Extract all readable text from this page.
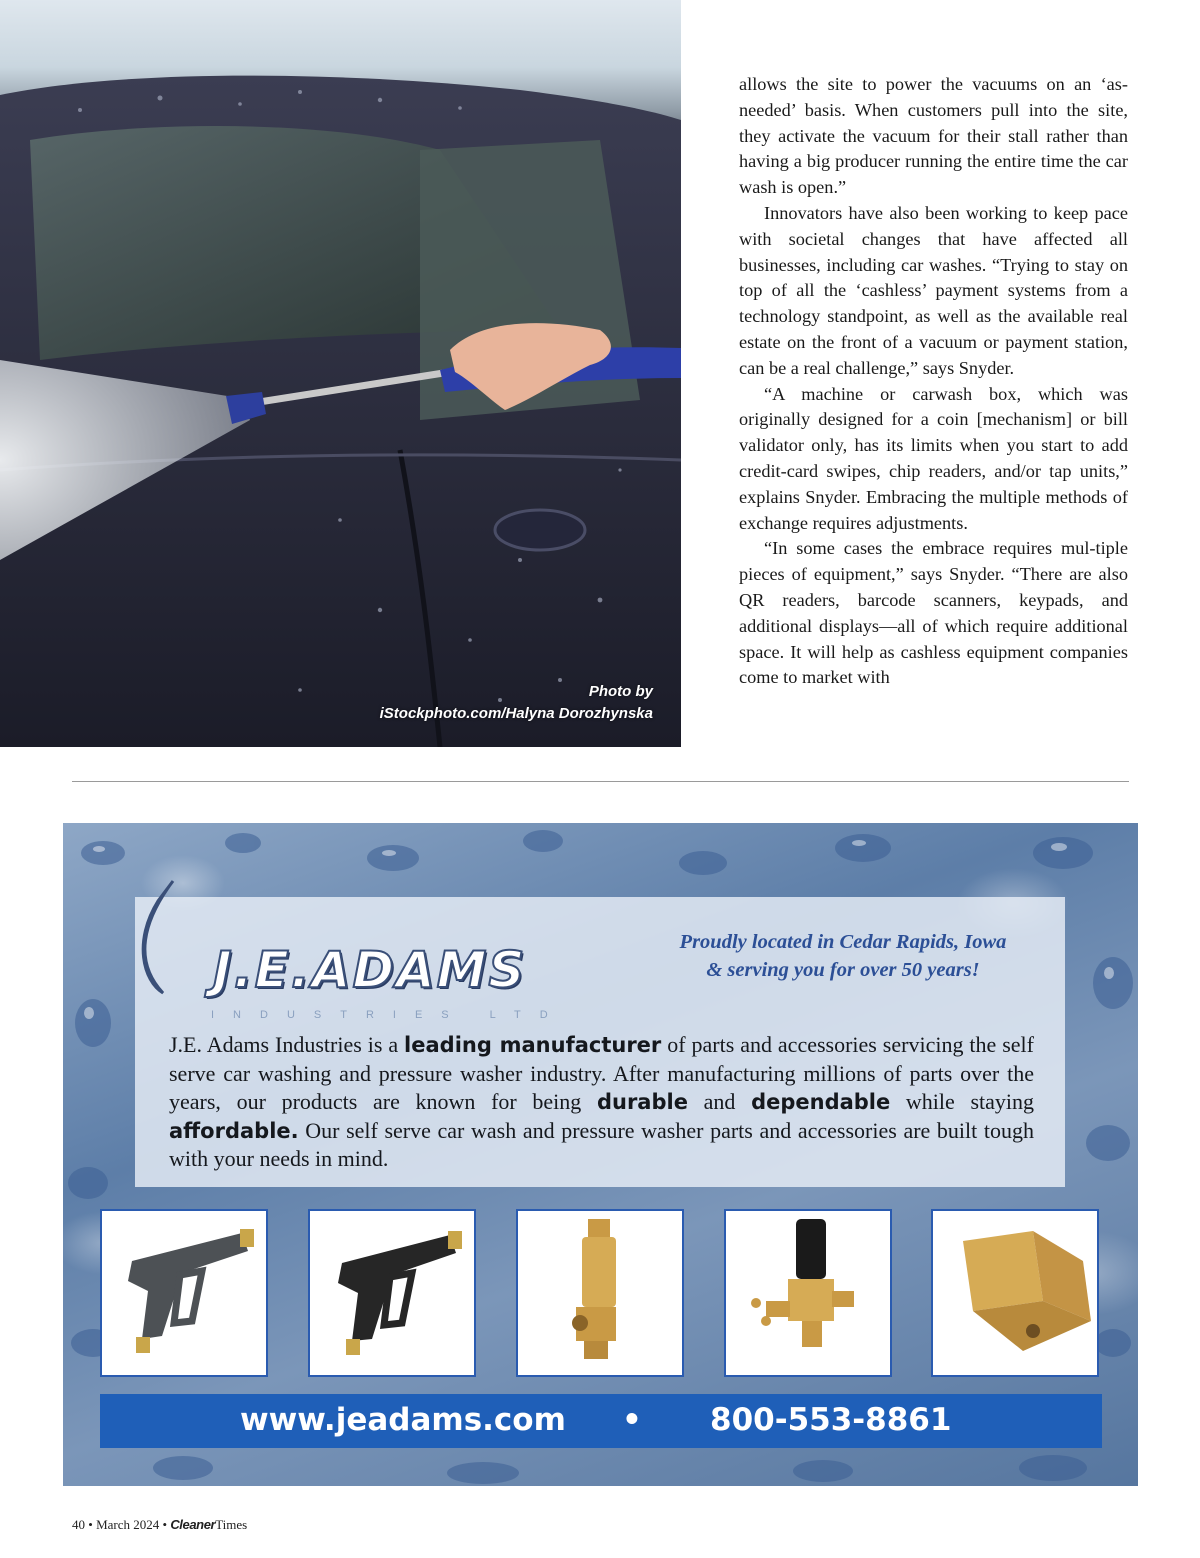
Photo by
iStockphoto.com/Halyna Dorozhynska

allows the site to power the vacuums on an ‘as-needed’ basis. When customers pull into the site, they activate the vacuum for their stall rather than having a big producer running the entire time the car wash is open.”

Innovators have also been working to keep pace with societal changes that have affected all businesses, including car washes. “Trying to stay on top of all the ‘cashless’ payment systems from a technology standpoint, as well as the available real estate on the front of a vacuum or payment station, can be a real challenge,” says Snyder.

“A machine or carwash box, which was originally designed for a coin [mechanism] or bill validator only, has its limits when you start to add credit-card swipes, chip readers, and/or tap units,” explains Snyder. Embracing the multiple methods of exchange requires adjustments.

“In some cases the embrace requires mul-tiple pieces of equipment,” says Snyder. “There are also QR readers, barcode scanners, keypads, and additional displays—all of which require additional space. It will help as cashless equipment companies come to market with

J.E.ADAMS
INDUSTRIES LTD
Proudly located in Cedar Rapids, Iowa
& serving you for over 50 years!
J.E. Adams Industries is a leading manufacturer of parts and accessories servicing the self serve car washing and pressure washer industry. After manufacturing millions of parts over the years, our products are known for being durable and dependable while staying affordable. Our self serve car wash and pressure washer parts and accessories are built tough with your needs in mind.
www.jeadams.com • 800-553-8861
40 • March 2024 • CleanerTimes
